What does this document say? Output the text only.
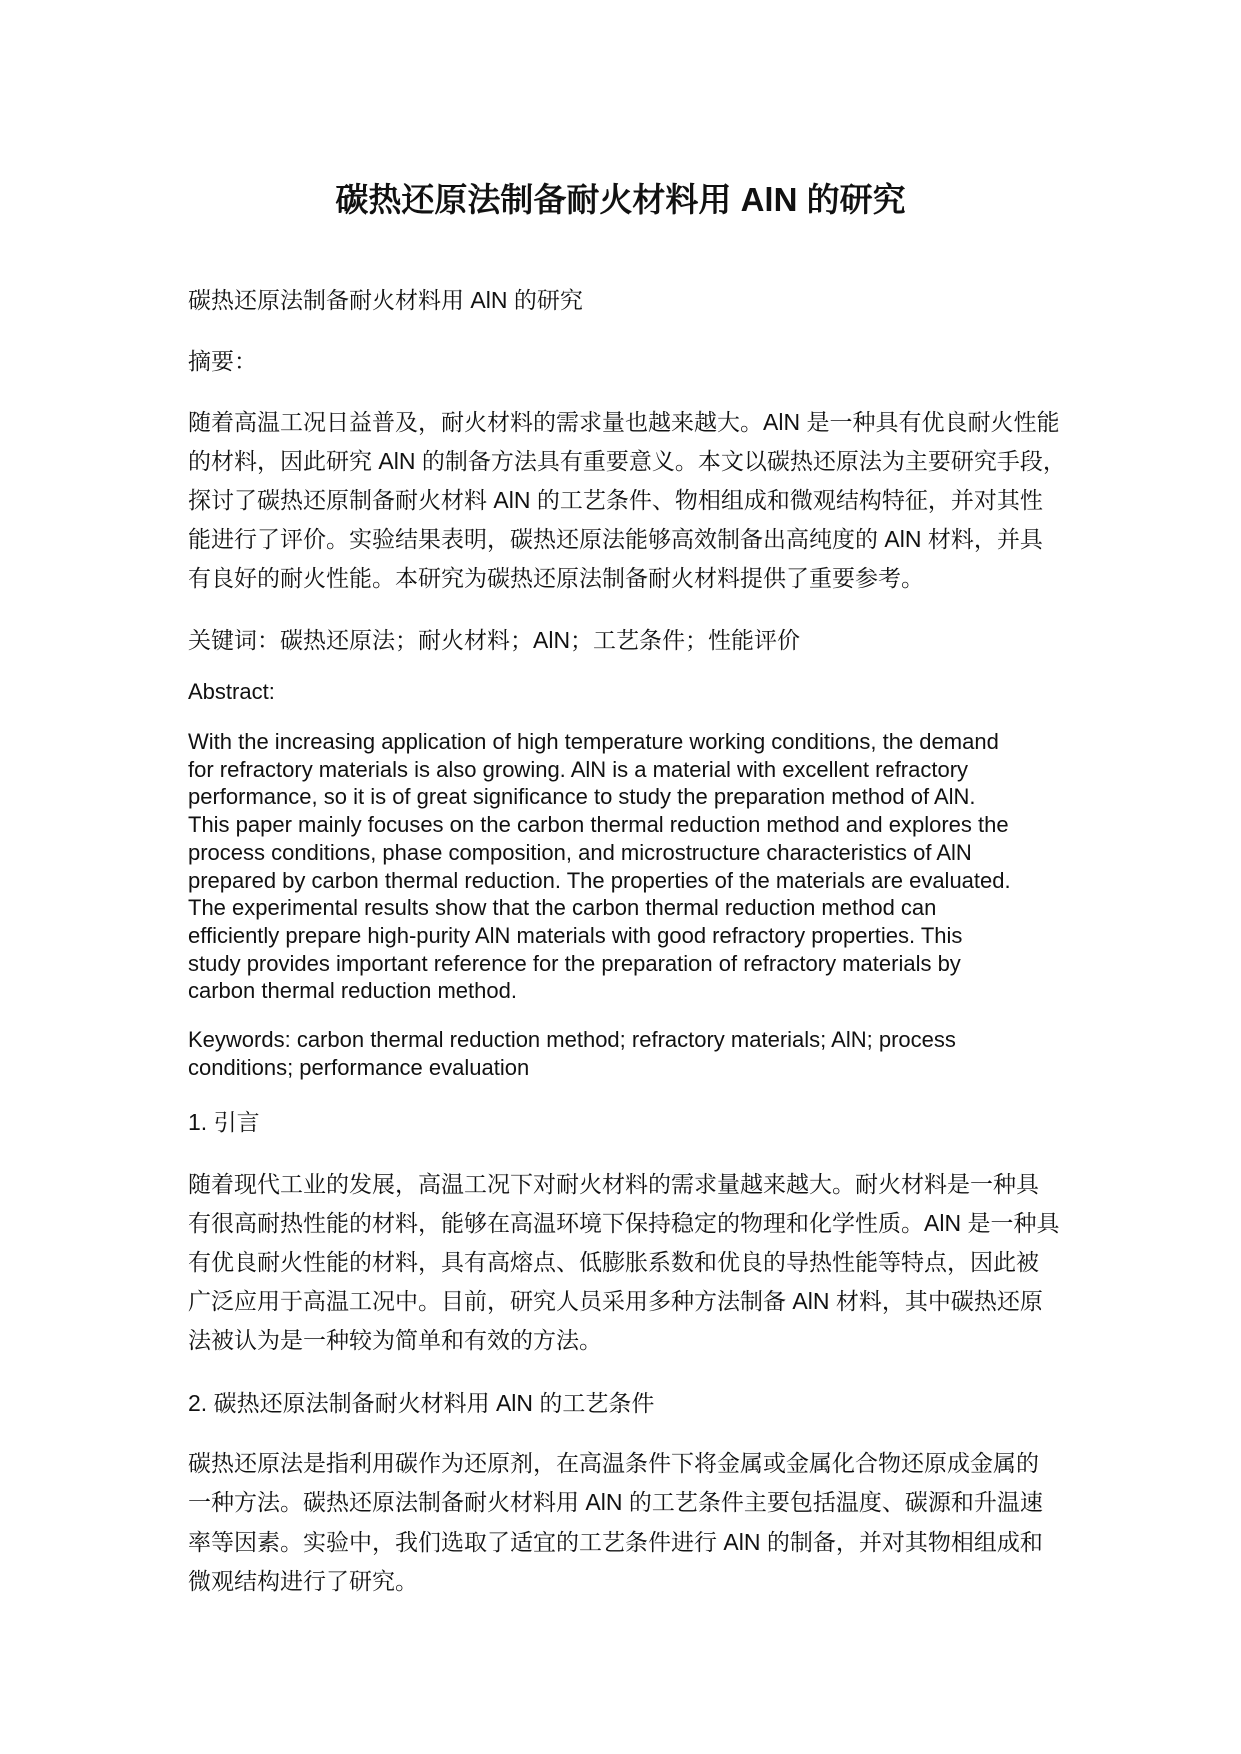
碳热还原法制备耐火材料用 AlN 的研究
碳热还原法制备耐火材料用 AlN 的研究
摘要：
随着高温工况日益普及，耐火材料的需求量也越来越大。AlN 是一种具有优良耐火性能
的材料，因此研究 AlN 的制备方法具有重要意义。本文以碳热还原法为主要研究手段，
探讨了碳热还原制备耐火材料 AlN 的工艺条件、物相组成和微观结构特征，并对其性
能进行了评价。实验结果表明，碳热还原法能够高效制备出高纯度的 AlN 材料，并具
有良好的耐火性能。本研究为碳热还原法制备耐火材料提供了重要参考。
关键词：碳热还原法；耐火材料；AlN；工艺条件；性能评价
Abstract:
With the increasing application of high temperature working conditions, the demand
for refractory materials is also growing. AlN is a material with excellent refractory
performance, so it is of great significance to study the preparation method of AlN.
This paper mainly focuses on the carbon thermal reduction method and explores the
process conditions, phase composition, and microstructure characteristics of AlN
prepared by carbon thermal reduction. The properties of the materials are evaluated.
The experimental results show that the carbon thermal reduction method can
efficiently prepare high-purity AlN materials with good refractory properties. This
study provides important reference for the preparation of refractory materials by
carbon thermal reduction method.
Keywords: carbon thermal reduction method; refractory materials; AlN; process
conditions; performance evaluation
1. 引言
随着现代工业的发展，高温工况下对耐火材料的需求量越来越大。耐火材料是一种具
有很高耐热性能的材料，能够在高温环境下保持稳定的物理和化学性质。AlN 是一种具
有优良耐火性能的材料，具有高熔点、低膨胀系数和优良的导热性能等特点，因此被
广泛应用于高温工况中。目前，研究人员采用多种方法制备 AlN 材料，其中碳热还原
法被认为是一种较为简单和有效的方法。
2. 碳热还原法制备耐火材料用 AlN 的工艺条件
碳热还原法是指利用碳作为还原剂，在高温条件下将金属或金属化合物还原成金属的
一种方法。碳热还原法制备耐火材料用 AlN 的工艺条件主要包括温度、碳源和升温速
率等因素。实验中，我们选取了适宜的工艺条件进行 AlN 的制备，并对其物相组成和
微观结构进行了研究。
